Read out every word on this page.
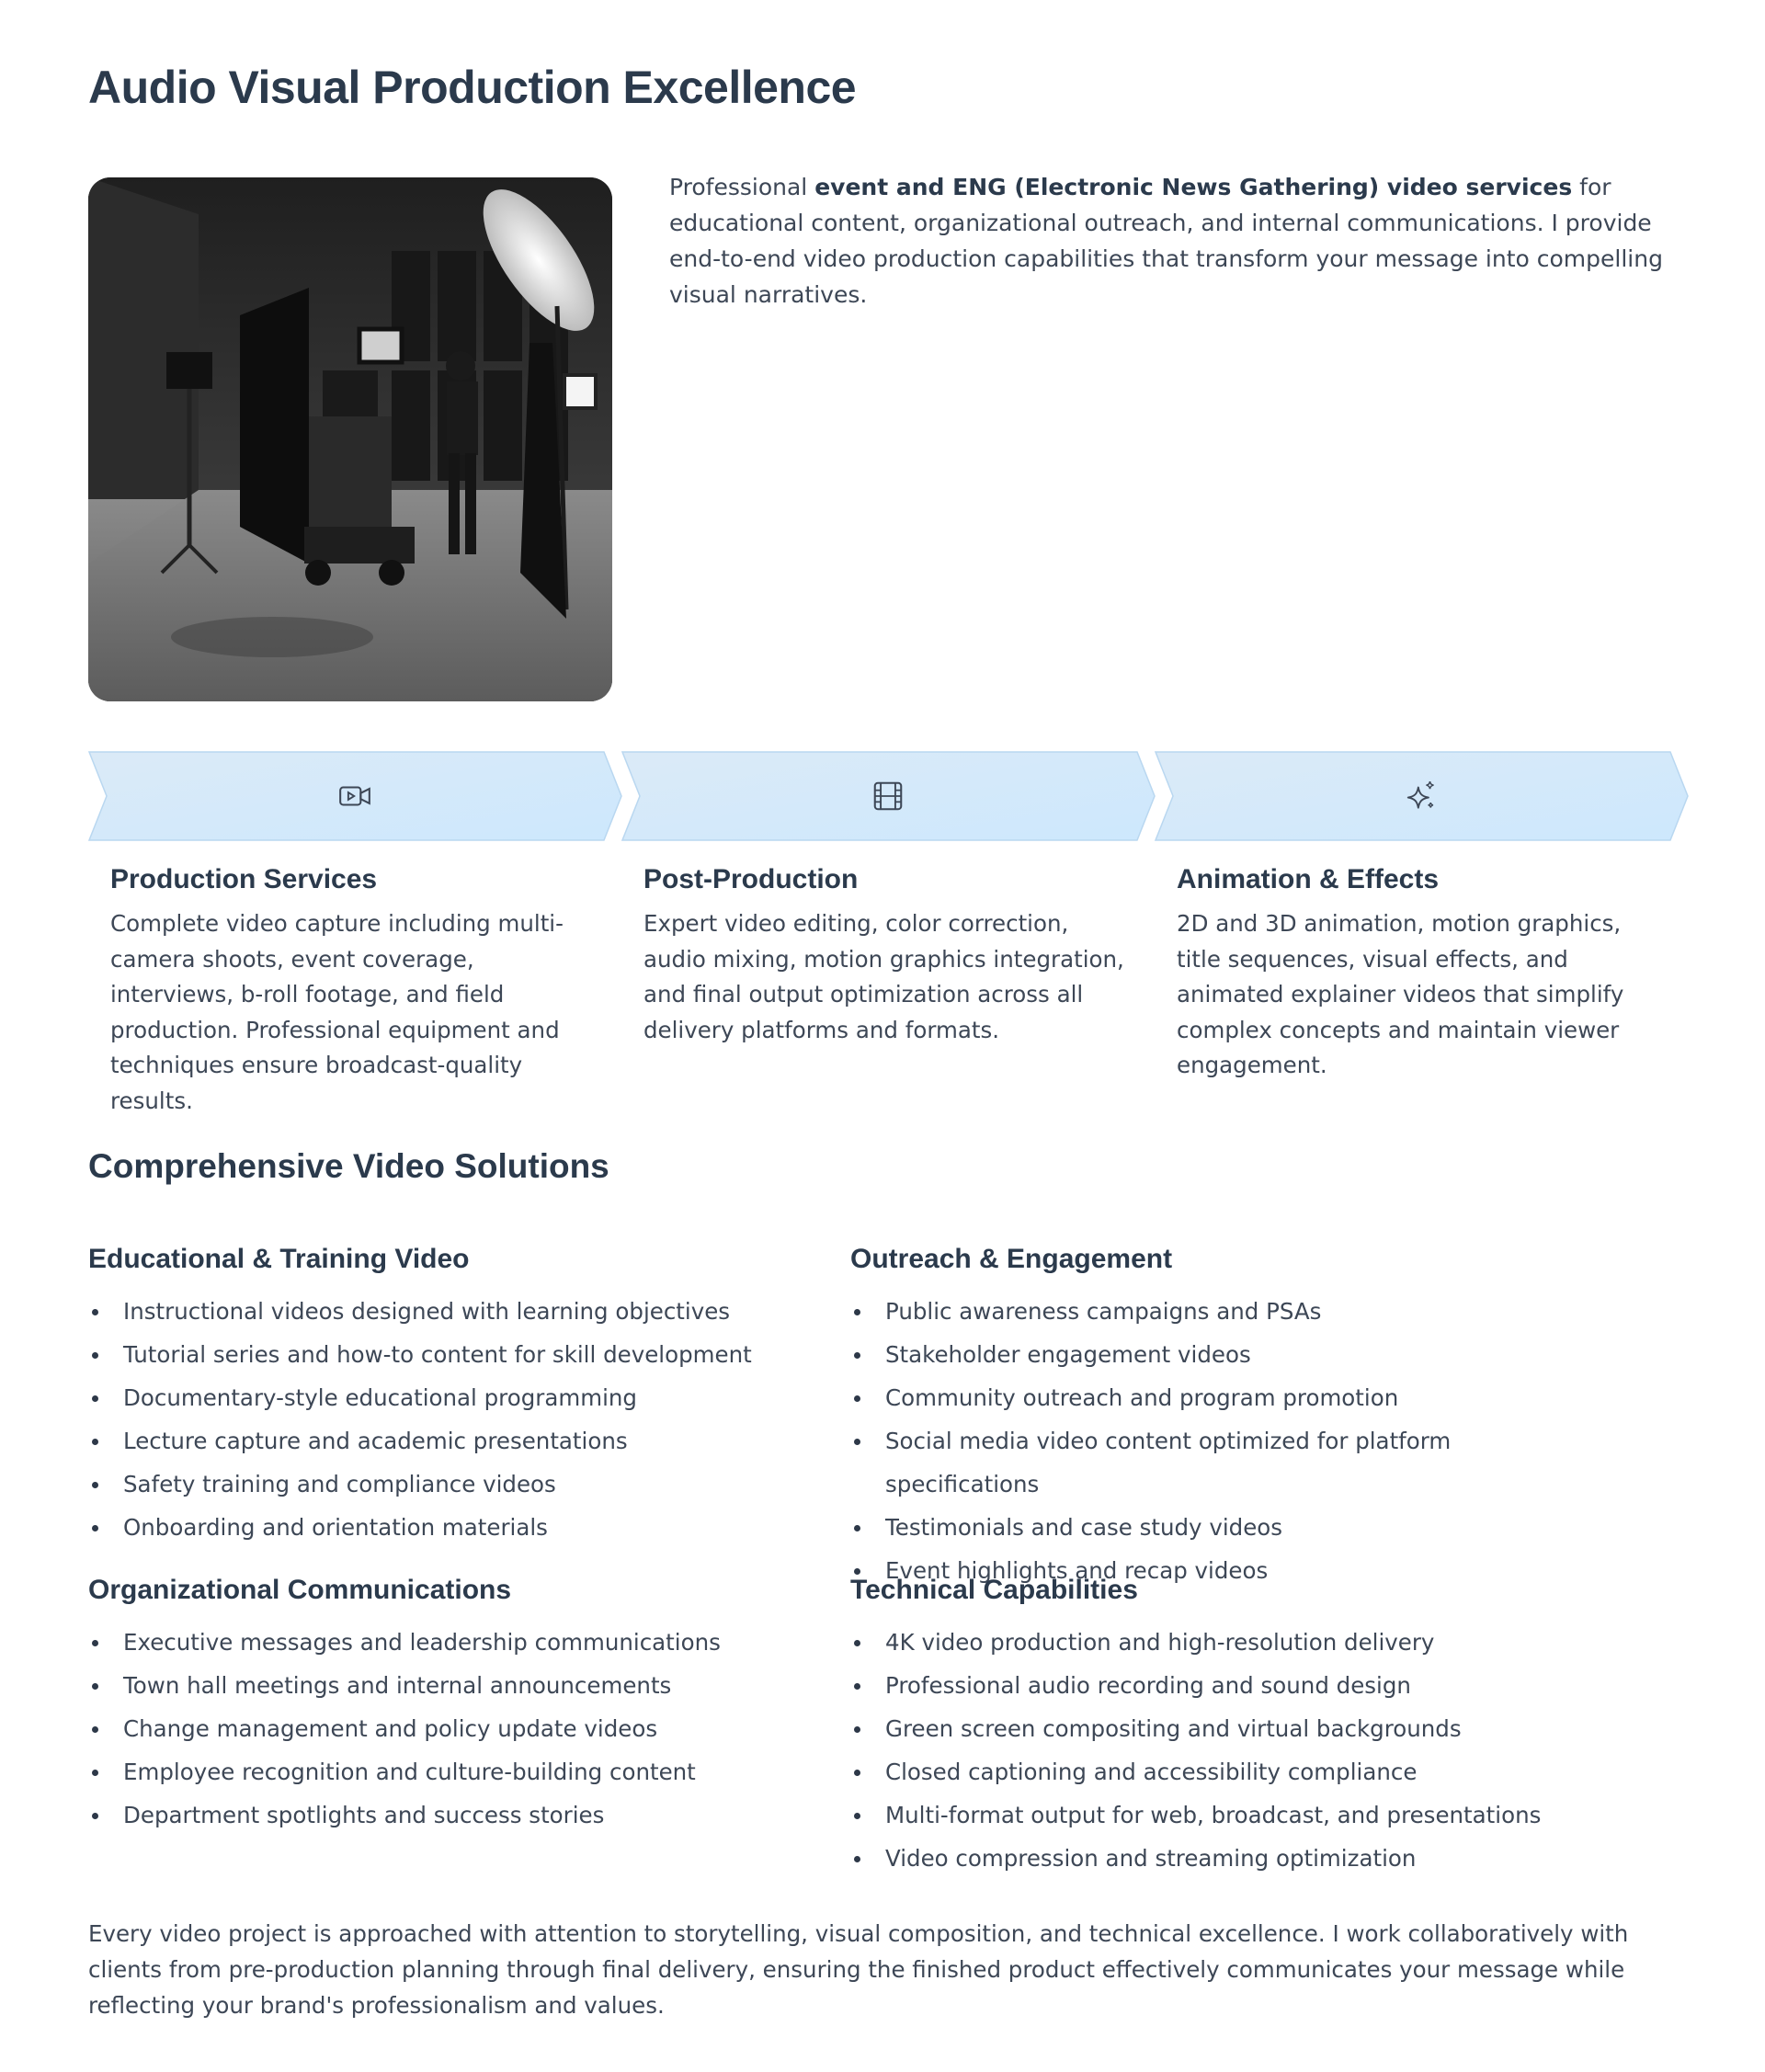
Audio Visual Production Excellence

Professional event and ENG (Electronic News Gathering) video services for educational content, organizational outreach, and internal communications. I provide end-to-end video production capabilities that transform your message into compelling visual narratives.

Production Services

Complete video capture including multi-camera shoots, event coverage, interviews, b-roll footage, and field production. Professional equipment and techniques ensure broadcast-quality results.

Post-Production

Expert video editing, color correction, audio mixing, motion graphics integration, and final output optimization across all delivery platforms and formats.

Animation & Effects

2D and 3D animation, motion graphics, title sequences, visual effects, and animated explainer videos that simplify complex concepts and maintain viewer engagement.

Comprehensive Video Solutions
Educational & Training Video
Instructional videos designed with learning objectives
Tutorial series and how-to content for skill development
Documentary-style educational programming
Lecture capture and academic presentations
Safety training and compliance videos
Onboarding and orientation materials
Outreach & Engagement
Public awareness campaigns and PSAs
Stakeholder engagement videos
Community outreach and program promotion
Social media video content optimized for platform specifications
Testimonials and case study videos
Event highlights and recap videos
Organizational Communications
Executive messages and leadership communications
Town hall meetings and internal announcements
Change management and policy update videos
Employee recognition and culture-building content
Department spotlights and success stories
Technical Capabilities
4K video production and high-resolution delivery
Professional audio recording and sound design
Green screen compositing and virtual backgrounds
Closed captioning and accessibility compliance
Multi-format output for web, broadcast, and presentations
Video compression and streaming optimization

Every video project is approached with attention to storytelling, visual composition, and technical excellence. I work collaboratively with clients from pre-production planning through final delivery, ensuring the finished product effectively communicates your message while reflecting your brand's professionalism and values.
